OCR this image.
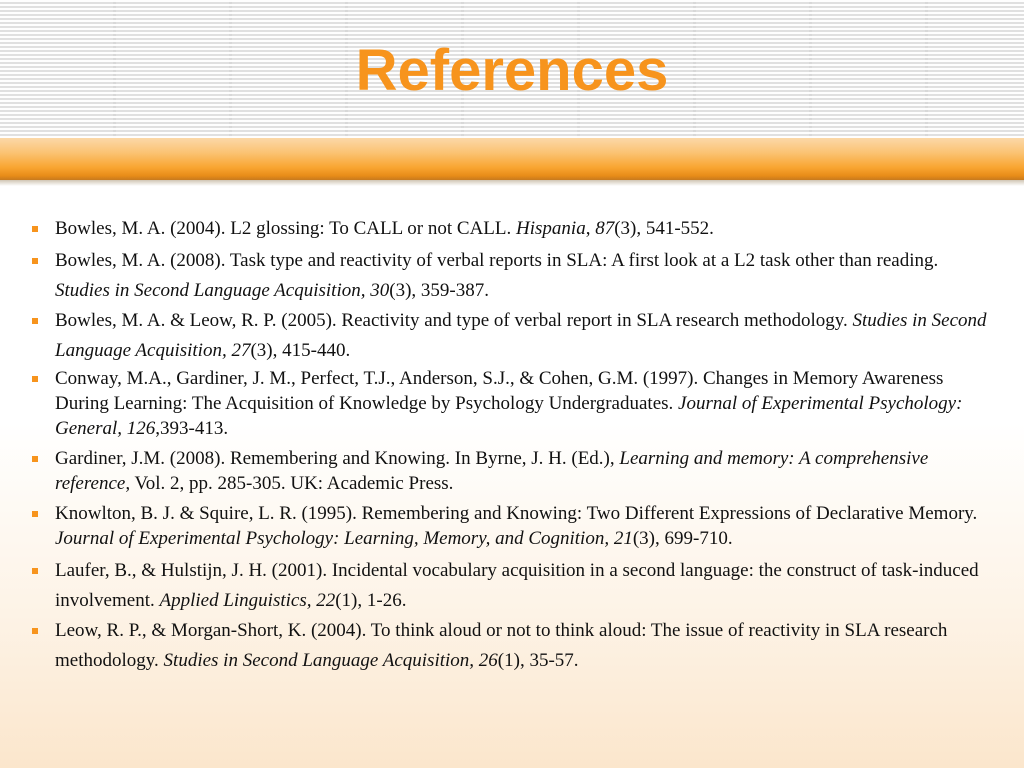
References
Bowles, M. A. (2004). L2 glossing: To CALL or not CALL. Hispania, 87(3), 541-552.
Bowles, M. A. (2008). Task type and reactivity of verbal reports in SLA: A first look at a L2 task other than reading. Studies in Second Language Acquisition, 30(3), 359-387.
Bowles, M. A. & Leow, R. P. (2005). Reactivity and type of verbal report in SLA research methodology. Studies in Second Language Acquisition, 27(3), 415-440.
Conway, M.A., Gardiner, J. M., Perfect, T.J., Anderson, S.J., & Cohen, G.M. (1997). Changes in Memory Awareness During Learning: The Acquisition of Knowledge by Psychology Undergraduates. Journal of Experimental Psychology: General, 126,393-413.
Gardiner, J.M. (2008). Remembering and Knowing. In Byrne, J. H. (Ed.), Learning and memory: A comprehensive reference, Vol. 2, pp. 285-305. UK: Academic Press.
Knowlton, B. J. & Squire, L. R. (1995). Remembering and Knowing: Two Different Expressions of Declarative Memory. Journal of Experimental Psychology: Learning, Memory, and Cognition, 21(3), 699-710.
Laufer, B., & Hulstijn, J. H. (2001). Incidental vocabulary acquisition in a second language: the construct of task-induced involvement. Applied Linguistics, 22(1), 1-26.
Leow, R. P., & Morgan-Short, K. (2004). To think aloud or not to think aloud: The issue of reactivity in SLA research methodology. Studies in Second Language Acquisition, 26(1), 35-57.
